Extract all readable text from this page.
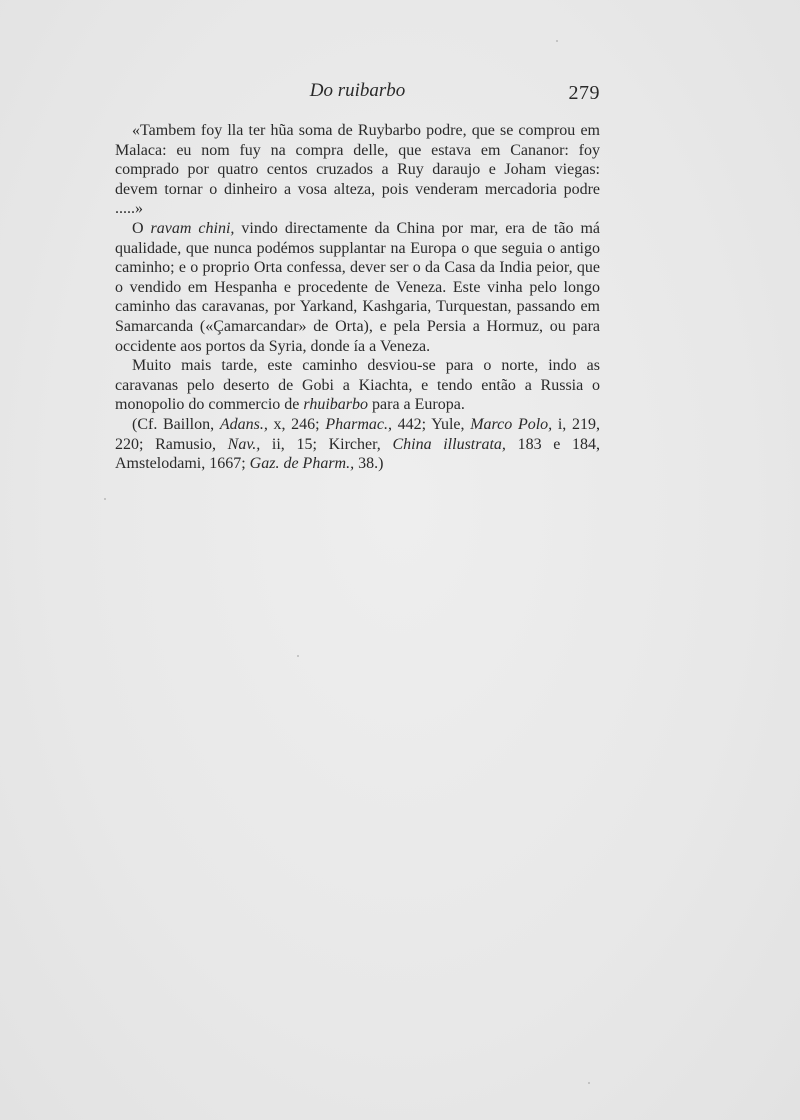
Do ruibarbo	279

«Tambem foy lla ter hũa soma de Ruybarbo podre, que se comprou em Malaca: eu nom fuy na compra delle, que estava em Cananor: foy comprado por quatro centos cruzados a Ruy daraujo e Joham viegas: devem tornar o dinheiro a vosa alteza, pois venderam mercadoria podre .....»

O ravam chini, vindo directamente da China por mar, era de tão má qualidade, que nunca podémos supplantar na Europa o que seguia o antigo caminho; e o proprio Orta confessa, dever ser o da Casa da India peior, que o vendido em Hespanha e procedente de Veneza. Este vinha pelo longo caminho das caravanas, por Yarkand, Kashgaria, Turquestan, passando em Samarcanda («Çamarcandar» de Orta), e pela Persia a Hormuz, ou para occidente aos portos da Syria, donde ía a Veneza.

Muito mais tarde, este caminho desviou-se para o norte, indo as caravanas pelo deserto de Gobi a Kiachta, e tendo então a Russia o monopolio do commercio de rhuibarbo para a Europa.

(Cf. Baillon, Adans., x, 246; Pharmac., 442; Yule, Marco Polo, i, 219, 220; Ramusio, Nav., ii, 15; Kircher, China illustrata, 183 e 184, Amstelodami, 1667; Gaz. de Pharm., 38.)
